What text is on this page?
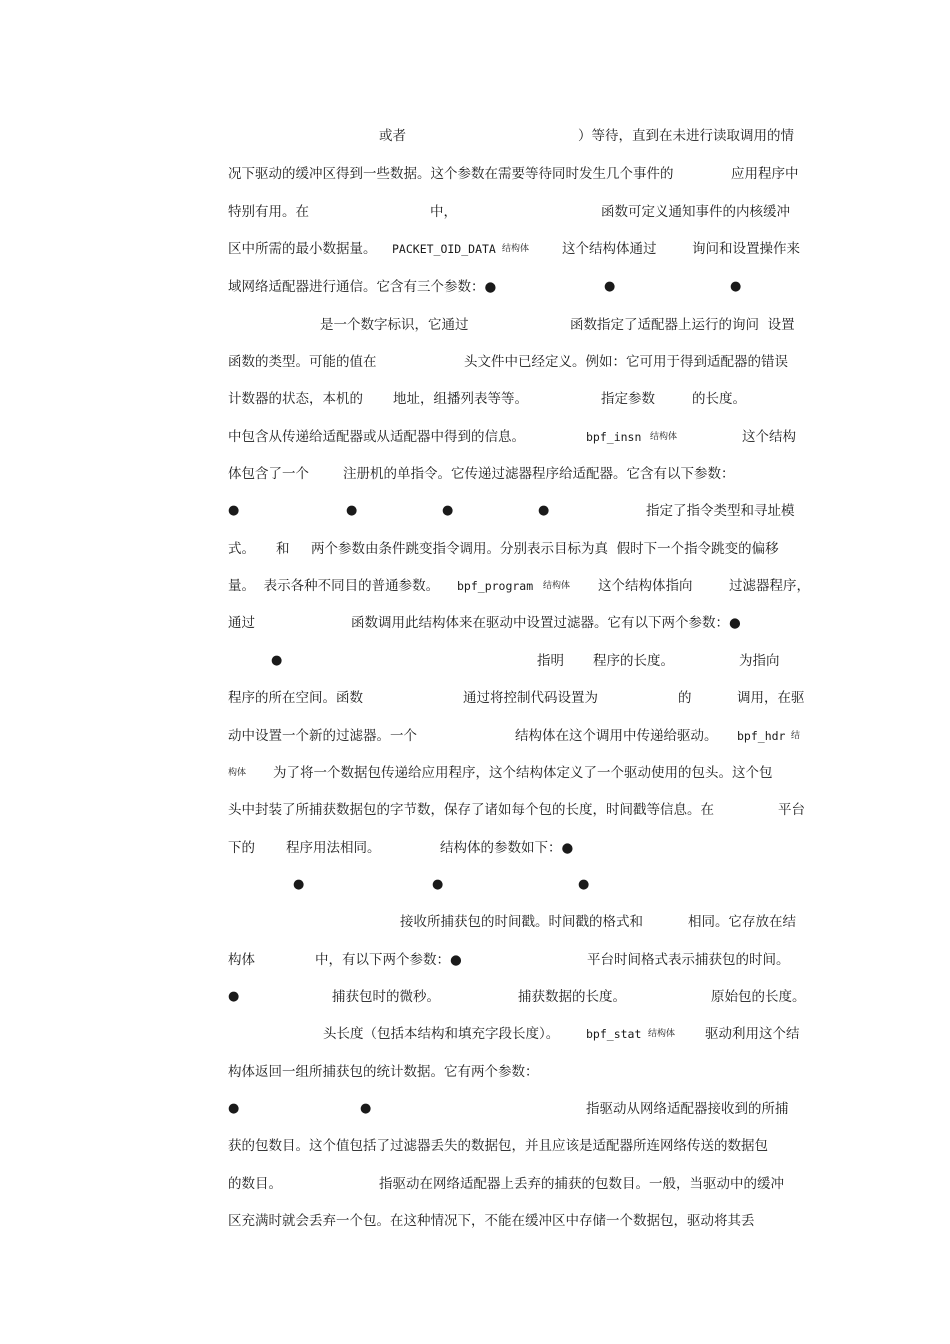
或者	）等待，直到在未进行读取调用的情
况下驱动的缓冲区得到一些数据。这个参数在需要等待同时发生几个事件的	应用程序中
特别有用。在	中，	函数可定义通知事件的内核缓冲
区中所需的最小数据量。 PACKET_OID_DATA 结构体 这个结构体通过	询问和设置操作来
域网络适配器进行通信。它含有三个参数：●	●	●
是一个数字标识，它通过	函数指定了适配器上运行的询问  设置
函数的类型。可能的值在	头文件中已经定义。例如：它可用于得到适配器的错误
计数器的状态，本机的 地址，组播列表等等。	指定参数	的长度。
中包含从传递给适配器或从适配器中得到的信息。	bpf_insn 结构体	这个结构
体包含了一个	注册机的单指令。它传递过滤器程序给适配器。它含有以下参数：
●	●	●	●	指定了指令类型和寻址模
式。 和 两个参数由条件跳变指令调用。分别表示目标为真  假时下一个指令跳变的偏移
量。  表示各种不同目的普通参数。 bpf_program 结构体 这个结构体指向	过滤器程序，
通过	函数调用此结构体来在驱动中设置过滤器。它有以下两个参数：●
●	指明 程序的长度。	为指向
程序的所在空间。函数	通过将控制代码设置为	的	调用，在驱
动中设置一个新的过滤器。一个	结构体在这个调用中传递给驱动。 bpf_hdr 结
构体 为了将一个数据包传递给应用程序，这个结构体定义了一个驱动使用的包头。这个包
头中封装了所捕获数据包的字节数，保存了诸如每个包的长度，时间戳等信息。在	平台
下的 程序用法相同。	结构体的参数如下：●
●	●	●
接收所捕获包的时间戳。时间戳的格式和	相同。它存放在结
构体	中，有以下两个参数：●	平台时间格式表示捕获包的时间。
●	捕获包时的微秒。	捕获数据的长度。	原始包的长度。
头长度（包括本结构和填充字段长度）。 bpf_stat 结构体 驱动利用这个结
构体返回一组所捕获包的统计数据。它有两个参数：
●	●	指驱动从网络适配器接收到的所捕
获的包数目。这个值包括了过滤器丢失的数据包，并且应该是适配器所连网络传送的数据包
的数目。	指驱动在网络适配器上丢弃的捕获的包数目。一般，当驱动中的缓冲
区充满时就会丢弃一个包。在这种情况下，不能在缓冲区中存储一个数据包，驱动将其丢
